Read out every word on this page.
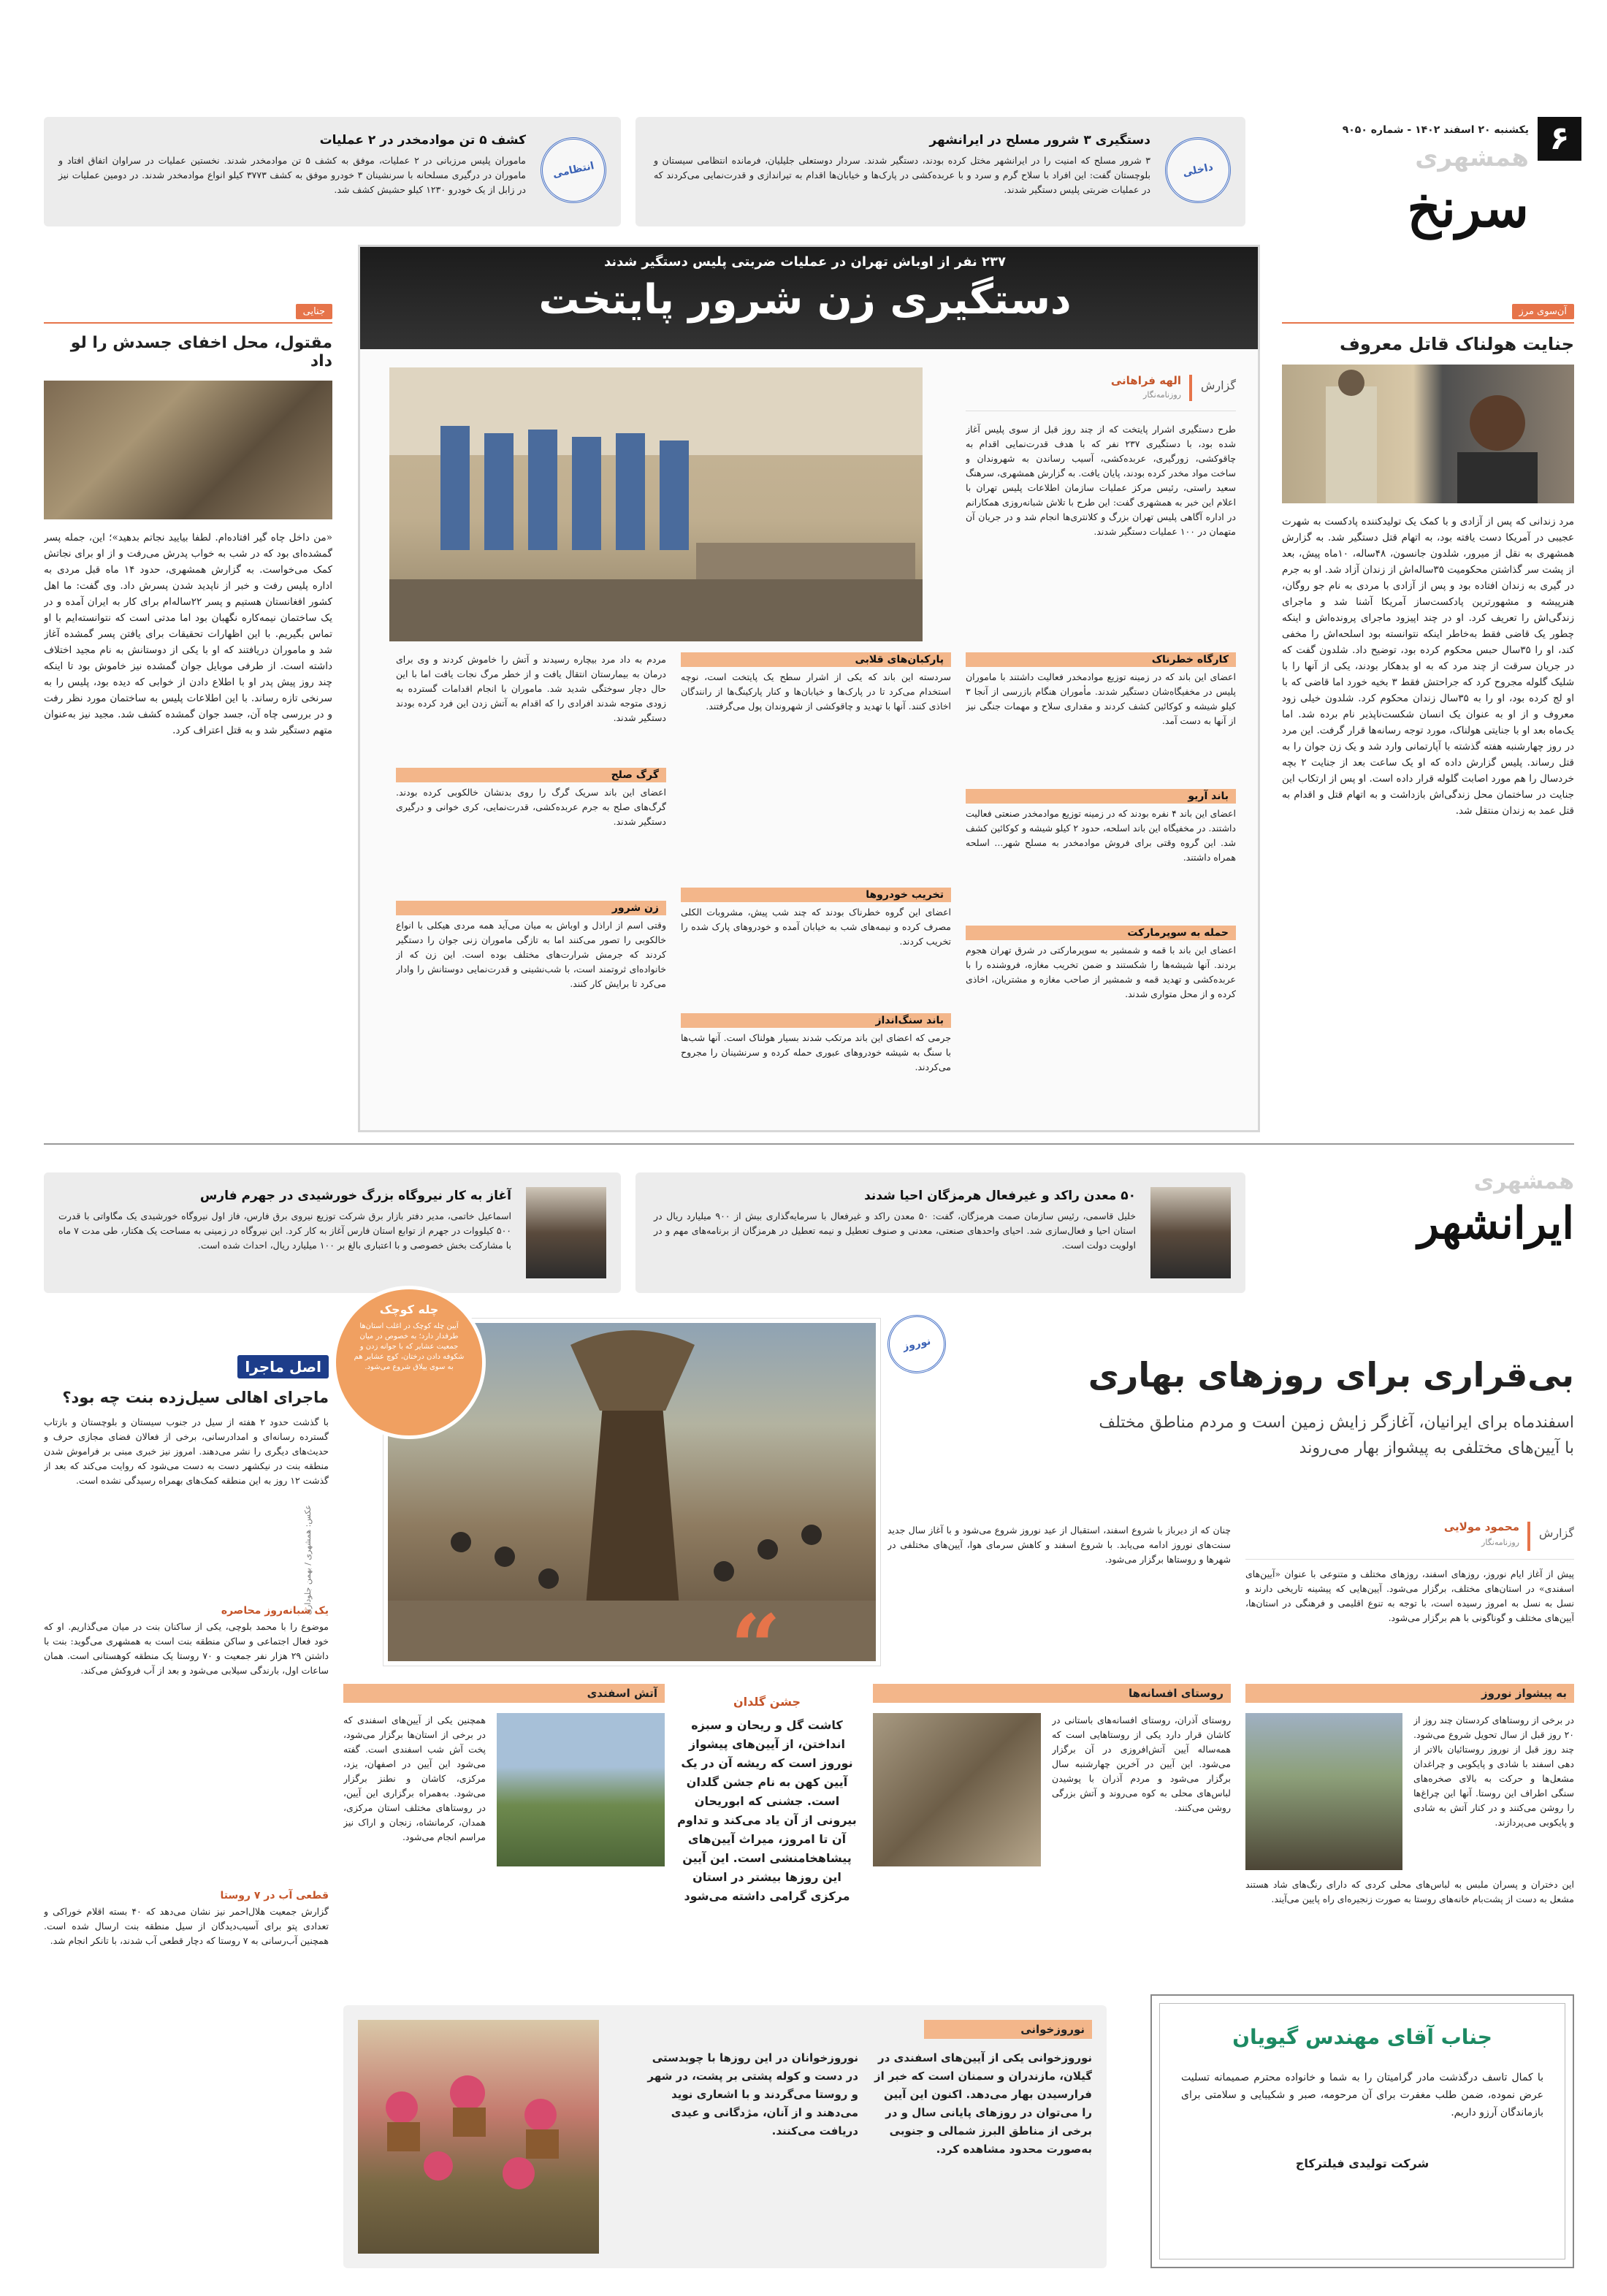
۶
یکشنبه ۲۰ اسفند ۱۴۰۲ - شماره ۹۰۵۰
همشهری
سرنخ
داخلی
دستگیری ۳ شرور مسلح در ایرانشهر
۳ شرور مسلح که امنیت را در ایرانشهر مختل کرده بودند، دستگیر شدند. سردار دوستعلی جلیلیان، فرمانده انتظامی سیستان و بلوچستان گفت: این افراد با سلاح گرم و سرد و با عربده‌کشی در پارک‌ها و خیابان‌ها اقدام به تیراندازی و قدرت‌نمایی می‌کردند که در عملیات ضربتی پلیس دستگیر شدند.
انتظامی
کشف ۵ تن موادمخدر در ۲ عملیات
ماموران پلیس مرزبانی در ۲ عملیات، موفق به کشف ۵ تن موادمخدر شدند. نخستین عملیات در سراوان اتفاق افتاد و ماموران در درگیری مسلحانه با سرنشینان ۳ خودرو موفق به کشف ۳۷۷۳ کیلو انواع موادمخدر شدند. در دومین عملیات نیز در زابل از یک خودرو ۱۲۳۰ کیلو حشیش کشف شد.
آن‌سوی مرز
جنایت هولناک قاتل معروف
مرد زندانی که پس از آزادی و با کمک یک تولیدکننده پادکست به شهرت عجیبی در آمریکا دست یافته بود، به اتهام قتل دستگیر شد. به گزارش همشهری به نقل از میرور، شلدون جانسون، ۴۸ساله، ۱۰ماه پیش، بعد از پشت سر گذاشتن محکومیت ۳۵ساله‌اش از زندان آزاد شد. او به جرم در گیری به زندان افتاده بود و پس از آزادی با مردی به نام جو روگان، هنرپیشه و مشهورترین پادکست‌ساز آمریکا آشنا شد و ماجرای زندگی‌اش را تعریف کرد. او در چند اپیزود ماجرای پرونده‌اش و اینکه چطور یک قاضی فقط به‌خاطر اینکه نتوانسته بود اسلحه‌اش را مخفی کند، او را ۳۵سال حبس محکوم کرده بود، توضیح داد. شلدون گفت که در جریان سرقت از چند مرد که به او بدهکار بودند، یکی از آنها را با شلیک گلوله مجروح کرد که جراحتش فقط ۳ بخیه خورد اما قاضی که با او لج کرده بود، او را به ۳۵سال زندان محکوم کرد. شلدون خیلی زود معروف و از او به عنوان یک انسان شکست‌ناپذیر نام برده شد. اما یک‌ماه بعد او با جنایتی هولناک، مورد توجه رسانه‌ها قرار گرفت. این مرد در روز چهارشنبه هفته گذشته با آپارتمانی وارد شد و یک زن جوان را به قتل رساند. پلیس گزارش داده که او یک ساعت بعد از جنایت ۲ بچه خردسال را هم مورد اصابت گلوله قرار داده است. او پس از ارتکاب این جنایت در ساختمان محل زندگی‌اش بازداشت و به اتهام قتل و اقدام به قتل عمد به زندان منتقل شد.
جنایی
مقتول، محل اخفای جسدش را لو داد
«من داخل چاه گیر افتاده‌ام. لطفا بیایید نجاتم بدهید»؛ این، جمله پسر گمشده‌ای بود که در شب به خواب پدرش می‌رفت و از او برای نجاتش کمک می‌خواست. به گزارش همشهری، حدود ۱۴ ماه قبل مردی به اداره پلیس رفت و خبر از ناپدید شدن پسرش داد. وی گفت: ما اهل کشور افغانستان هستیم و پسر ۲۲ساله‌ام برای کار به ایران آمده و در یک ساختمان نیمه‌کاره نگهبان بود اما مدتی است که نتوانسته‌ایم با او تماس بگیریم. با این اظهارات تحقیقات برای یافتن پسر گمشده آغاز شد و ماموران دریافتند که او با یکی از دوستانش به نام مجید اختلاف داشته است. از طرفی موبایل جوان گمشده نیز خاموش بود تا اینکه چند روز پیش پدر او با اطلاع دادن از خوابی که دیده بود، پلیس را به سرنخی تازه رساند. با این اطلاعات پلیس به ساختمان مورد نظر رفت و در بررسی چاه آن، جسد جوان گمشده کشف شد. مجید نیز به‌عنوان متهم دستگیر شد و به قتل اعتراف کرد.
۲۳۷ نفر از اوباش تهران در عملیات ضربتی پلیس دستگیر شدند
دستگیری زن شرور پایتخت
گزارش
الهه فراهانی
روزنامه‌نگار
طرح دستگیری اشرار پایتخت که از چند روز قبل از سوی پلیس آغاز شده بود، با دستگیری ۲۳۷ نفر که با هدف قدرت‌نمایی اقدام به چاقوکشی، زورگیری، عربده‌کشی، آسیب رساندن به شهروندان و ساخت مواد مخدر کرده بودند، پایان یافت. به گزارش همشهری، سرهنگ سعید راستی، رئیس مرکز عملیات سازمان اطلاعات پلیس تهران با اعلام این خبر به همشهری گفت: این طرح با تلاش شبانه‌روزی همکارانم در اداره آگاهی پلیس تهران بزرگ و کلانتری‌ها انجام شد و در جریان آن متهمان در ۱۰۰ عملیات دستگیر شدند.
کارگاه خطرناک
اعضای این باند که در زمینه توزیع موادمخدر فعالیت داشتند با ماموران پلیس در مخفیگاه‌شان دستگیر شدند. مأموران هنگام بازرسی از آنجا ۳ کیلو شیشه و کوکائین کشف کردند و مقداری سلاح و مهمات جنگی نیز از آنها به دست آمد.
باند آریو
اعضای این باند ۴ نفره بودند که در زمینه توزیع موادمخدر صنعتی فعالیت داشتند. در مخفیگاه این باند اسلحه، حدود ۲ کیلو شیشه و کوکائین کشف شد. این گروه وقتی برای فروش موادمخدر به مسلح شهر... اسلحه همراه داشتند.
حمله به سوپرمارکت
اعضای این باند با قمه و شمشیر به سوپرمارکتی در شرق تهران هجوم بردند. آنها شیشه‌ها را شکستند و ضمن تخریب مغازه، فروشنده را با عربده‌کشی و تهدید قمه و شمشیر از صاحب مغازه و مشتریان، اخاذی کرده و از محل متواری شدند.
پارکبان‌های قلابی
سردسته این باند که یکی از اشرار سطح یک پایتخت است، نوچه استخدام می‌کرد تا در پارک‌ها و خیابان‌ها و کنار پارکینگ‌ها از رانندگان اخاذی کنند. آنها با تهدید و چاقوکشی از شهروندان پول می‌گرفتند.
تخریب خودروها
اعضای این گروه خطرناک بودند که چند شب پیش، مشروبات الکلی مصرف کرده و نیمه‌های شب به خیابان آمده و خودروهای پارک شده را تخریب کردند.
باند سنگ‌انداز
جرمی که اعضای این باند مرتکب شدند بسیار هولناک است. آنها شب‌ها با سنگ به شیشه خودروهای عبوری حمله کرده و سرنشینان را مجروح می‌کردند.
مردم به داد مرد بیچاره رسیدند و آتش را خاموش کردند و وی برای درمان به بیمارستان انتقال یافت و از خطر مرگ نجات یافت اما با این حال دچار سوختگی شدید شد. ماموران با انجام اقدامات گسترده به زودی متوجه شدند افرادی را که اقدام به آتش زدن این فرد کرده بودند دستگیر شدند.
گرگ صلح
اعضای این باند سریک گرگ را روی بدنشان خالکوبی کرده بودند. گرگ‌های صلح به جرم عربده‌کشی، قدرت‌نمایی، کری خوانی و درگیری دستگیر شدند.
زن شرور
وقتی اسم از اراذل و اوباش به میان می‌آید همه مردی هیکلی با انواع خالکوبی را تصور می‌کنند اما به تازگی ماموران زنی جوان را دستگیر کردند که جرمش شرارت‌های مختلف بوده است. این زن که از خانواده‌ای ثروتمند است، با شب‌نشینی و قدرت‌نمایی دوستانش را وادار می‌کرد تا برایش کار کنند.
همشهری
ایرانشهر
۵۰ معدن راکد و غیرفعال هرمزگان احیا شدند
خلیل قاسمی، رئیس سازمان صمت هرمزگان، گفت: ۵۰ معدن راکد و غیرفعال با سرمایه‌گذاری بیش از ۹۰۰ میلیارد ریال در استان احیا و فعال‌سازی شد. احیای واحدهای صنعتی، معدنی و صنوف تعطیل و نیمه تعطیل در هرمزگان از برنامه‌های مهم و در اولویت دولت است.
آغاز به کار نیروگاه بزرگ خورشیدی در جهرم فارس
اسماعیل خاتمی، مدیر دفتر بازار برق شرکت توزیع نیروی برق فارس، فاز اول نیروگاه خورشیدی یک مگاواتی با قدرت ۵۰۰ کیلووات در جهرم از توابع استان فارس آغاز به کار کرد. این نیروگاه در زمینی به مساحت یک هکتار، طی مدت ۷ ماه با مشارکت بخش خصوصی و با اعتباری بالغ بر ۱۰۰ میلیارد ریال، احداث شده است.
نوروز
بی‌قراری برای روزهای بهاری
اسفندماه برای ایرانیان، آغازگر زایش زمین است و مردم مناطق مختلف
با آیین‌های مختلفی به پیشواز بهار می‌روند
عکس: همشهری / بهمن جلوداری
چله کوچک
آیین چله کوچک در اغلب استان‌ها طرفدار دارد؛ به خصوص در میان جمعیت عشایر که با جوانه زدن و شکوفه دادن درختان، کوچ عشایر هم به سوی ییلاق شروع می‌شود.
گزارش
محمود مولایی
روزنامه‌نگار
پیش از آغاز ایام نوروز، روزهای اسفند، روزهای مختلف و متنوعی با عنوان «آیین‌های اسفندی» در استان‌های مختلف، برگزار می‌شود. آیین‌هایی که پیشینه تاریخی دارند و نسل به نسل به امروز رسیده است، با توجه به تنوع اقلیمی و فرهنگی در استان‌ها، آیین‌های مختلف و گوناگونی با هم برگزار می‌شود.
چنان که از دیرباز با شروع اسفند، استقبال از عید نوروز شروع می‌شود و با آغاز سال جدید سنت‌های نوروز ادامه می‌یابد. با شروع اسفند و کاهش سرمای هوا، آیین‌های مختلفی در شهرها و روستاها برگزار می‌شود.
“	به پیشواز نوروز
در برخی از روستاهای کردستان چند روز از ۲۰ روز قبل از سال تحویل شروع می‌شود. چند روز قبل از نوروز روستائیان بالاتر از دهی اسفند با شادی و پایکوبی و چراغدان مشعل‌ها و حرکت به بالای صخره‌های سنگی اطراف این روستا. آنها این چراغ‌ها را روشن می‌کنند و در کنار آتش به شادی و پایکوبی می‌پردازند.
این دختران و پسران ملبس به لباس‌های محلی کردی که دارای رنگ‌های شاد هستند مشعل به دست از پشت‌بام خانه‌های روستا به صورت زنجیره‌ای راه پایین می‌آیند.
روستای افسانه‌ها
روستای آذران، روستای افسانه‌های باستانی در کاشان قرار دارد یکی از روستاهایی است که همه‌ساله آیین آتش‌افروزی در آن برگزار می‌شود. این آیین در آخرین چهارشنبه سال برگزار می‌شود و مردم آذران با پوشیدن لباس‌های محلی به کوه می‌روند و آتش بزرگی روشن می‌کنند.
جشن گلدان
کاشت گل و ریحان و سبزه انداختن، از آیین‌های پیشواز نوروز است که ریشه آن در یک آیین کهن به نام جشن گلدان است. جشنی که ابوریحان بیرونی از آن یاد می‌کند و تداوم آن تا امروز، میراث آیین‌های پیشاهخامنشی است. این آیین این روزها بیشتر در استان مرکزی گرامی داشته می‌شود
آتش اسفندی
همچنین یکی از آیین‌های اسفندی که در برخی از استان‌ها برگزار می‌شود، پخت آش شب اسفندی است. گفته می‌شود این آیین در اصفهان، یزد، مرکزی، کاشان و نطنز برگزار می‌شود. به‌همراه برگزاری این آیین، در روستاهای مختلف استان مرکزی، همدان، کرمانشاه، زنجان و اراک نیز مراسم انجام می‌شود.
نوروزخوانی
نوروزخوانی یکی از آیین‌های اسفندی در گیلان، مازندران و سمنان است که خبر از فرارسیدن بهار می‌دهد. اکنون این آیین را می‌توان در روزهای پایانی سال و در برخی از مناطق البرز شمالی و جنوبی به‌صورت محدود مشاهده کرد.
نوروزخوانان در این روزها با چوبدستی در دست و کوله پشتی بر پشت، در شهر و روستا می‌گردند و با اشعاری نوید می‌دهند و از آنان، مژدگانی و عیدی دریافت می‌کنند.
اصل ماجرا
ماجرای اهالی سیل‌زده بنت چه بود؟
با گذشت حدود ۲ هفته از سیل در جنوب سیستان و بلوچستان و بازتاب گسترده رسانه‌ای و امدادرسانی، برخی از فعالان فضای مجازی حرف و حدیث‌های دیگری را نشر می‌دهند. امروز نیز خبری مبنی بر فراموش شدن منطقه بنت در نیکشهر دست به دست می‌شود که روایت می‌کند که بعد از گذشت ۱۲ روز به این منطقه کمک‌های بهمراه رسیدگی نشده است.
یک شبانه‌روز محاصره
موضوع را با محمد بلوچی، یکی از ساکنان بنت در میان می‌گذاریم. او که خود فعال اجتماعی و ساکن منطقه بنت است به همشهری می‌گوید: بنت با داشتن ۲۹ هزار نفر جمعیت و ۷۰ روستا یک منطقه کوهستانی است. همان ساعات اول، بارندگی سیلابی می‌شود و بعد از آب فروکش می‌کند.
قطعی آب در ۷ روستا
گزارش جمعیت هلال‌احمر نیز نشان می‌دهد که ۴۰ بسته اقلام خوراکی و تعدادی پتو برای آسیب‌دیدگان از سیل منطقه بنت ارسال شده است. همچنین آب‌رسانی به ۷ روستا که دچار قطعی آب شدند، با تانکر انجام شد.
جناب آقای مهندس گیویان
با کمال تاسف درگذشت مادر گرامیتان را به شما و خانواده محترم صمیمانه تسلیت عرض نموده، ضمن طلب مغفرت برای آن مرحومه، صبر و شکیبایی و سلامتی برای بازماندگان آرزو داریم.
شرکت تولیدی فیلترکاج
